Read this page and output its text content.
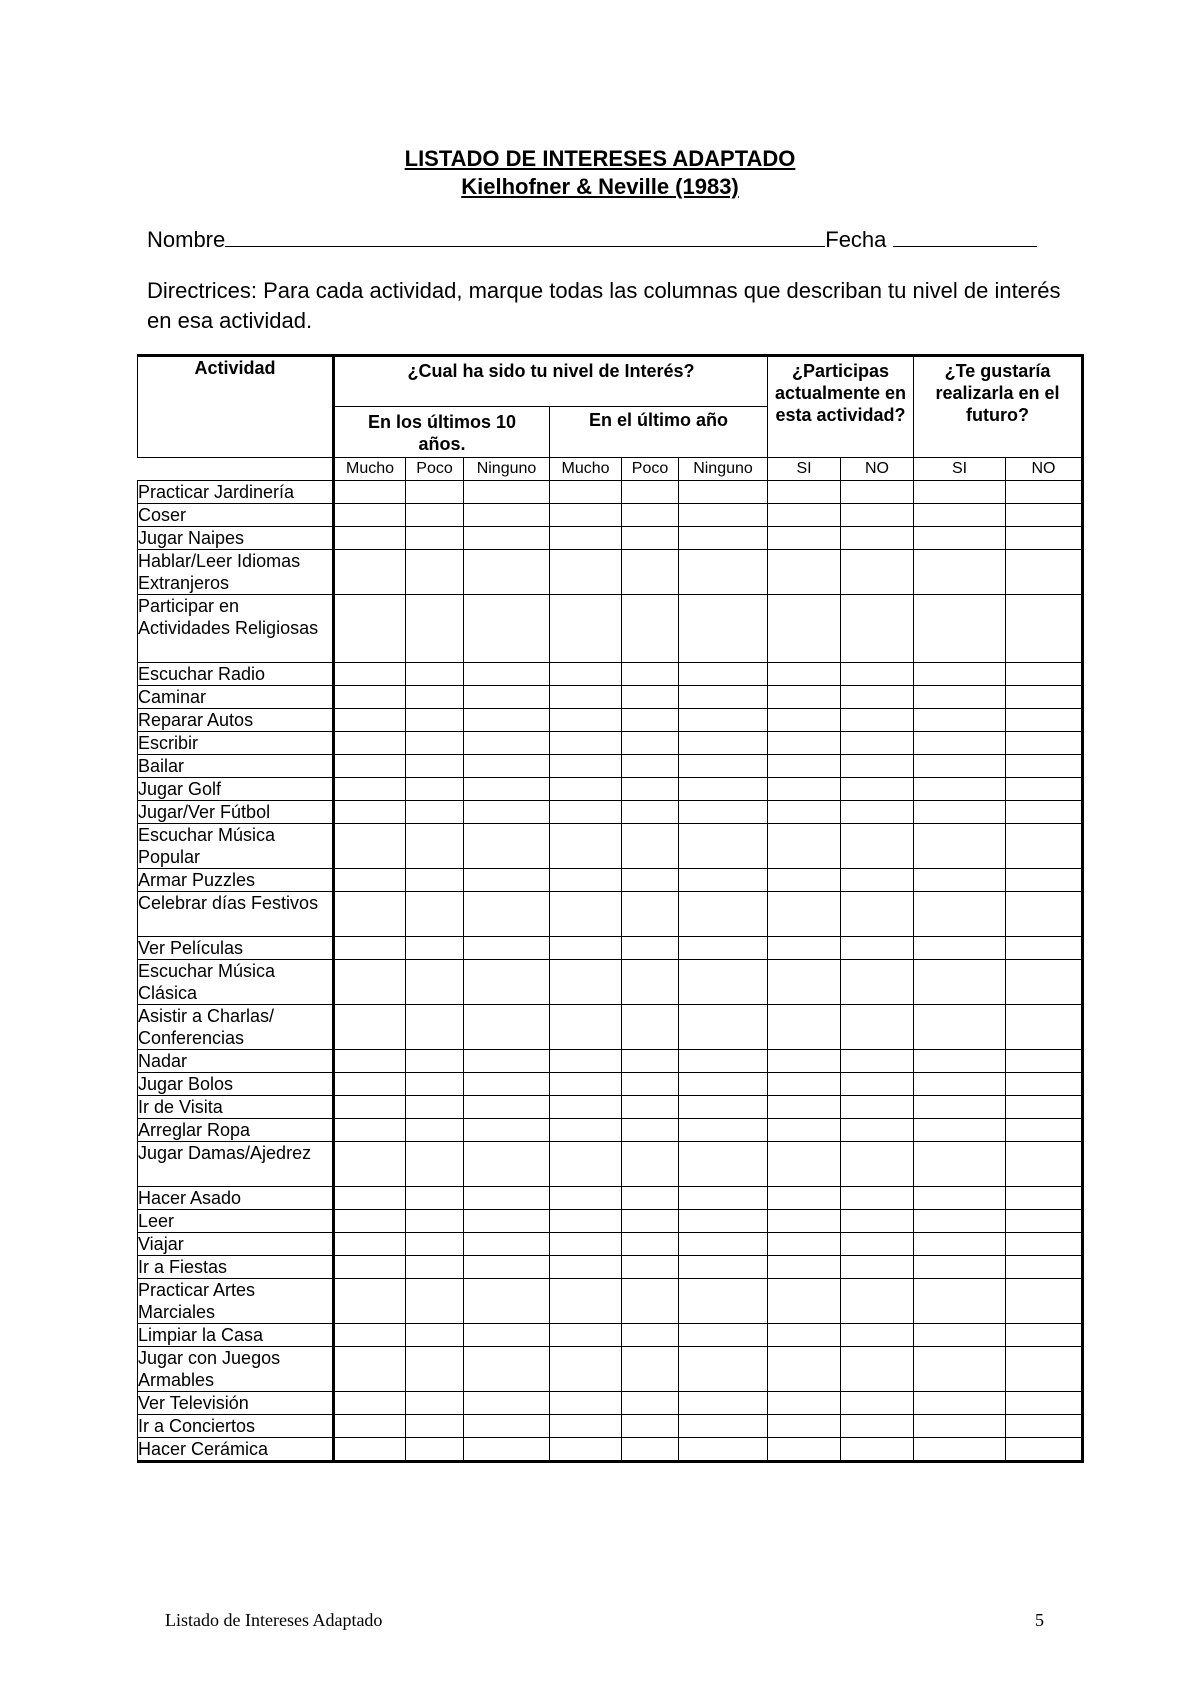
LISTADO DE INTERESES ADAPTADO
Kielhofner & Neville (1983)
Nombre	Fecha
Directrices: Para cada actividad, marque todas las columnas que describan tu nivel de interés en esa actividad.
Actividad	¿Cual ha sido tu nivel de Interés?						¿Participas actualmente en esta actividad?		¿Te gustaría realizarla en el futuro?	
	En los últimos 10 años.			En el último año						
	Mucho	Poco	Ninguno	Mucho	Poco	Ninguno	SI	NO	SI	NO
Practicar Jardinería										
Coser										
Jugar Naipes										
Hablar/Leer Idiomas Extranjeros										
Participar en Actividades Religiosas										
Escuchar Radio										
Caminar										
Reparar Autos										
Escribir										
Bailar										
Jugar Golf										
Jugar/Ver Fútbol										
Escuchar Música Popular										
Armar Puzzles										
Celebrar días Festivos										
Ver Películas										
Escuchar Música Clásica										
Asistir a Charlas/ Conferencias										
Nadar										
Jugar Bolos										
Ir de Visita										
Arreglar Ropa										
Jugar Damas/Ajedrez										
Hacer Asado										
Leer										
Viajar										
Ir a Fiestas										
Practicar Artes Marciales										
Limpiar la Casa										
Jugar con Juegos Armables										
Ver Televisión										
Ir a Conciertos										
Hacer Cerámica										
Listado de Intereses Adaptado	5
